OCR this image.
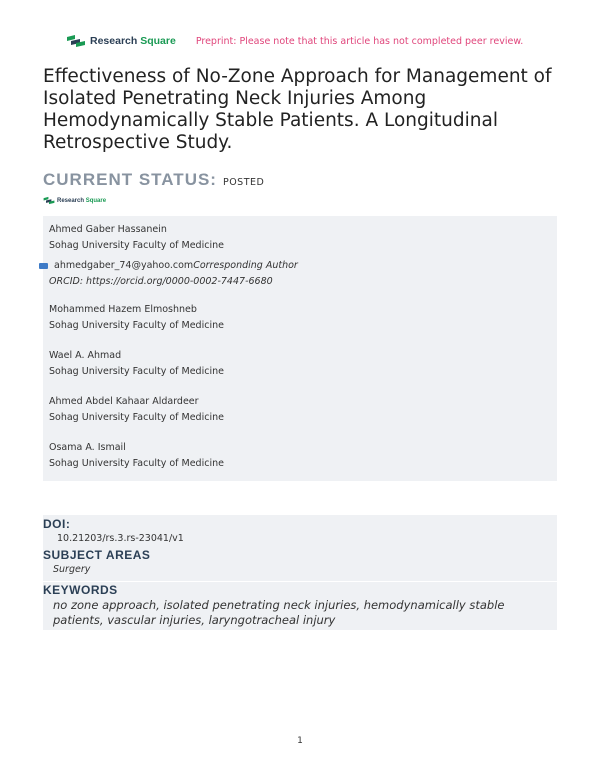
Research Square Preprint: Please note that this article has not completed peer review.
Effectiveness of No-Zone Approach for Management of Isolated Penetrating Neck Injuries Among Hemodynamically Stable Patients. A Longitudinal Retrospective Study.
CURRENT STATUS: POSTED
Research Square
Ahmed Gaber Hassanein
Sohag University Faculty of Medicine
ahmedgaber_74@yahoo.com Corresponding Author
ORCID: https://orcid.org/0000-0002-7447-6680
Mohammed Hazem Elmoshneb
Sohag University Faculty of Medicine
Wael A. Ahmad
Sohag University Faculty of Medicine
Ahmed Abdel Kahaar Aldardeer
Sohag University Faculty of Medicine
Osama A. Ismail
Sohag University Faculty of Medicine
DOI:
10.21203/rs.3.rs-23041/v1
SUBJECT AREAS
Surgery
KEYWORDS
no zone approach, isolated penetrating neck injuries, hemodynamically stable patients, vascular injuries, laryngotracheal injury
1
